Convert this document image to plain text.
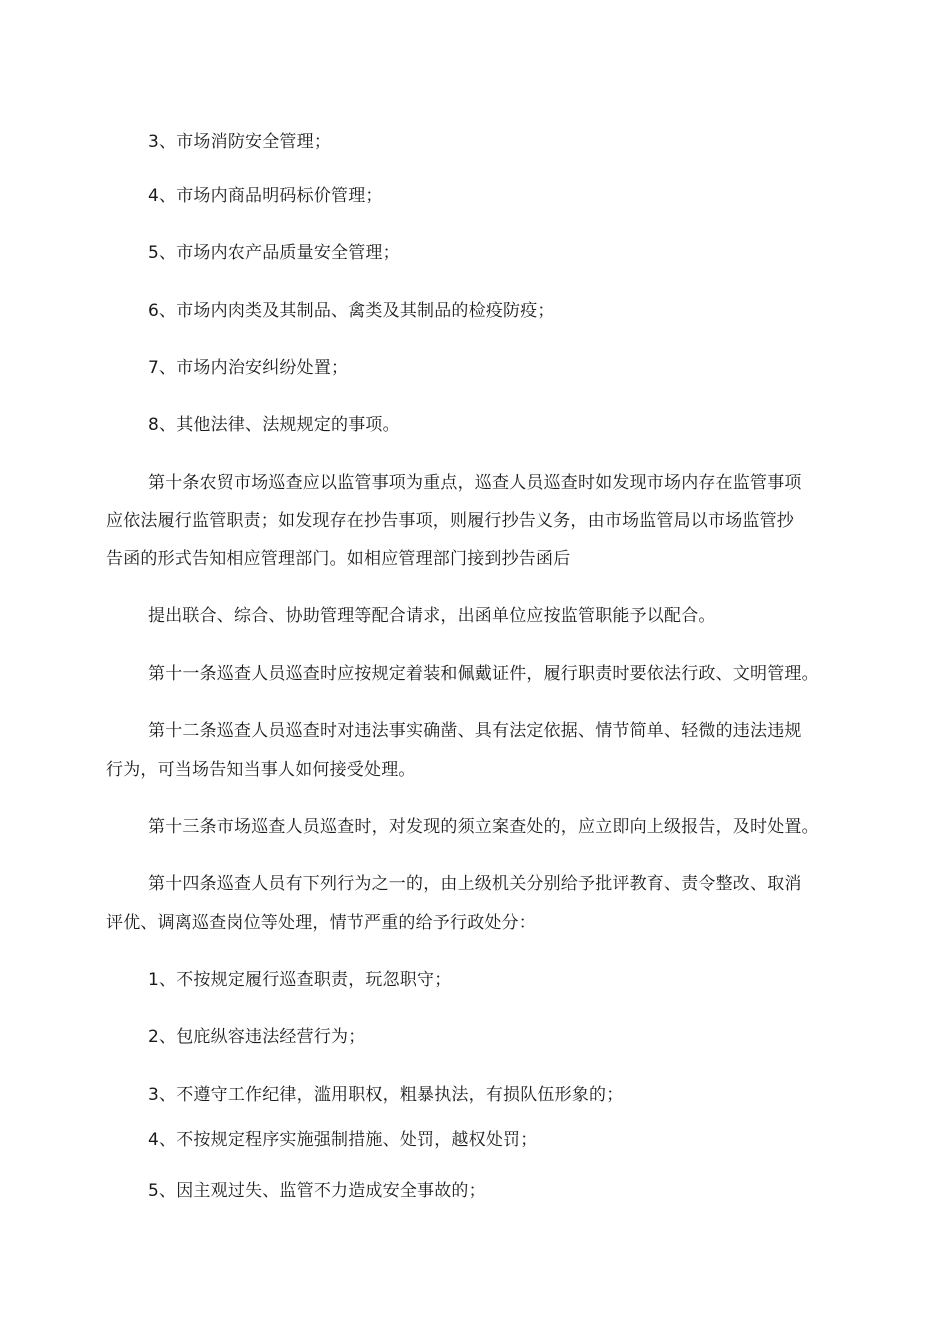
3、市场消防安全管理；
4、市场内商品明码标价管理；
5、市场内农产品质量安全管理；
6、市场内肉类及其制品、禽类及其制品的检疫防疫；
7、市场内治安纠纷处置；
8、其他法律、法规规定的事项。
第十条农贸市场巡查应以监管事项为重点，巡查人员巡查时如发现市场内存在监管事项
应依法履行监管职责；如发现存在抄告事项，则履行抄告义务，由市场监管局以市场监管抄
告函的形式告知相应管理部门。如相应管理部门接到抄告函后
提出联合、综合、协助管理等配合请求，出函单位应按监管职能予以配合。
第十一条巡查人员巡查时应按规定着装和佩戴证件，履行职责时要依法行政、文明管理。
第十二条巡查人员巡查时对违法事实确凿、具有法定依据、情节简单、轻微的违法违规
行为，可当场告知当事人如何接受处理。
第十三条市场巡查人员巡查时，对发现的须立案查处的，应立即向上级报告，及时处置。
第十四条巡查人员有下列行为之一的，由上级机关分别给予批评教育、责令整改、取消
评优、调离巡查岗位等处理，情节严重的给予行政处分：
1、不按规定履行巡查职责，玩忽职守；
2、包庇纵容违法经营行为；
3、不遵守工作纪律，滥用职权，粗暴执法，有损队伍形象的；
4、不按规定程序实施强制措施、处罚，越权处罚；
5、因主观过失、监管不力造成安全事故的；
